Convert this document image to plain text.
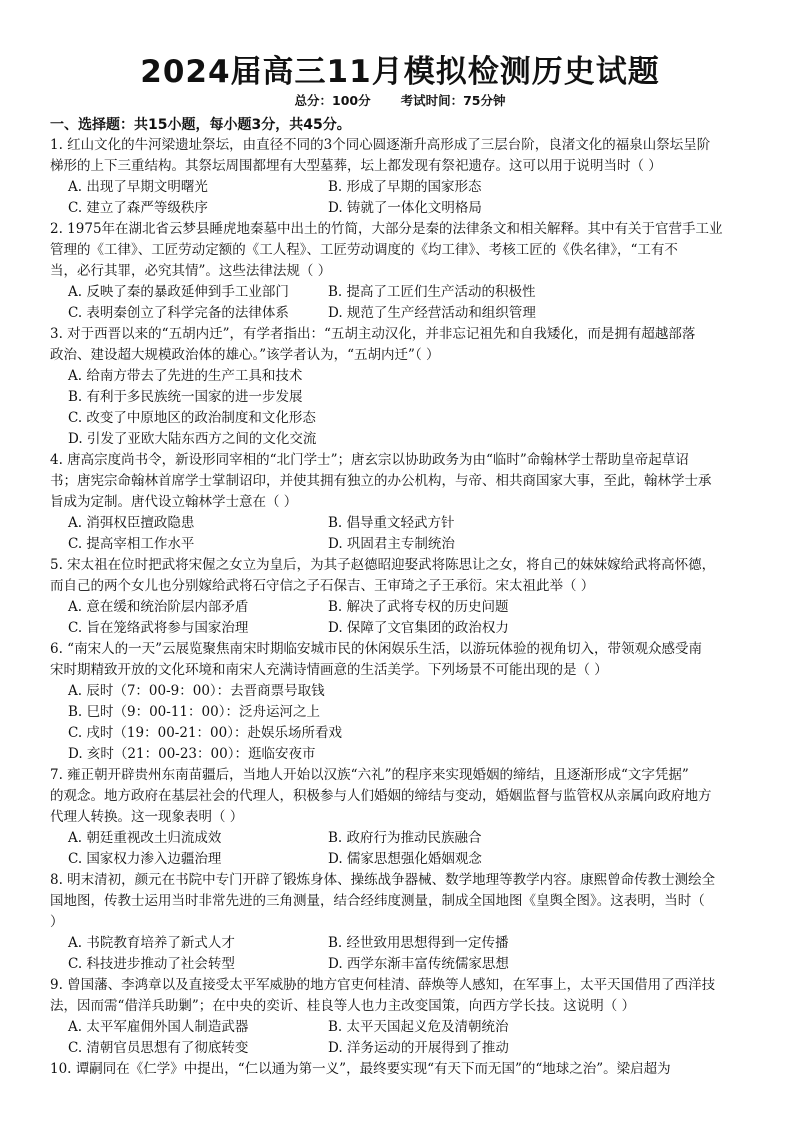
2024届高三11月模拟检测历史试题
总分：100分 考试时间：75分钟
一、选择题：共15小题，每小题3分，共45分。
1. 红山文化的牛河梁遗址祭坛，由直径不同的3个同心圆逐渐升高形成了三层台阶，良渚文化的福泉山祭坛呈阶
梯形的上下三重结构。其祭坛周围都埋有大型墓葬，坛上都发现有祭祀遗存。这可以用于说明当时（ ）
A. 出现了早期文明曙光	B. 形成了早期的国家形态
C. 建立了森严等级秩序	D. 铸就了一体化文明格局
2. 1975年在湖北省云梦县睡虎地秦墓中出土的竹简，大部分是秦的法律条文和相关解释。其中有关于官营手工业
管理的《工律》、工匠劳动定额的《工人程》、工匠劳动调度的《均工律》、考核工匠的《佚名律》，“工有不
当，必行其罪，必究其情”。这些法律法规（ ）
A. 反映了秦的暴政延伸到手工业部门	B. 提高了工匠们生产活动的积极性
C. 表明秦创立了科学完备的法律体系	D. 规范了生产经营活动和组织管理
3. 对于西晋以来的“五胡内迁”，有学者指出：“五胡主动汉化，并非忘记祖先和自我矮化，而是拥有超越部落
政治、建设超大规模政治体的雄心。”该学者认为，“五胡内迁”（ ）
A. 给南方带去了先进的生产工具和技术
B. 有利于多民族统一国家的进一步发展
C. 改变了中原地区的政治制度和文化形态
D. 引发了亚欧大陆东西方之间的文化交流
4. 唐高宗度尚书令，新设形同宰相的“北门学士”；唐玄宗以协助政务为由“临时”命翰林学士帮助皇帝起草诏
书；唐宪宗命翰林首席学士掌制诏印，并使其拥有独立的办公机构，与帝、相共商国家大事，至此，翰林学士承
旨成为定制。唐代设立翰林学士意在（ ）
A. 消弭权臣擅政隐患	B. 倡导重文轻武方针
C. 提高宰相工作水平	D. 巩固君主专制统治
5. 宋太祖在位时把武将宋偓之女立为皇后，为其子赵德昭迎娶武将陈思让之女，将自己的妹妹嫁给武将高怀德，
而自己的两个女儿也分别嫁给武将石守信之子石保吉、王审琦之子王承衍。宋太祖此举（ ）
A. 意在缓和统治阶层内部矛盾	B. 解决了武将专权的历史问题
C. 旨在笼络武将参与国家治理	D. 保障了文官集团的政治权力
6. “南宋人的一天”云展览聚焦南宋时期临安城市民的休闲娱乐生活，以游玩体验的视角切入，带领观众感受南
宋时期精致开放的文化环境和南宋人充满诗情画意的生活美学。下列场景不可能出现的是（ ）
A. 辰时（7：00-9：00）：去晋商票号取钱
B. 巳时（9：00-11：00）：泛舟运河之上
C. 戌时（19：00-21：00）：赴娱乐场所看戏
D. 亥时（21：00-23：00）：逛临安夜市
7. 雍正朝开辟贵州东南苗疆后，当地人开始以汉族“六礼”的程序来实现婚姻的缔结，且逐渐形成“文字凭据”
的观念。地方政府在基层社会的代理人，积极参与人们婚姻的缔结与变动，婚姻监督与监管权从亲属向政府地方
代理人转换。这一现象表明（ ）
A. 朝廷重视改土归流成效	B. 政府行为推动民族融合
C. 国家权力渗入边疆治理	D. 儒家思想强化婚姻观念
8. 明末清初，颜元在书院中专门开辟了锻炼身体、操练战争器械、数学地理等教学内容。康熙曾命传教士测绘全
国地图，传教士运用当时非常先进的三角测量，结合经纬度测量，制成全国地图《皇舆全图》。这表明，当时（
）
A. 书院教育培养了新式人才	B. 经世致用思想得到一定传播
C. 科技进步推动了社会转型	D. 西学东渐丰富传统儒家思想
9. 曾国藩、李鸿章以及直接受太平军威胁的地方官吏何桂清、薛焕等人感知，在军事上，太平天国借用了西洋技
法，因而需“借洋兵助剿”；在中央的奕䜣、桂良等人也力主改变国策，向西方学长技。这说明（ ）
A. 太平军雇佣外国人制造武器	B. 太平天国起义危及清朝统治
C. 清朝官员思想有了彻底转变	D. 洋务运动的开展得到了推动
10. 谭嗣同在《仁学》中提出，“仁以通为第一义”，最终要实现“有天下而无国”的“地球之治”。梁启超为
